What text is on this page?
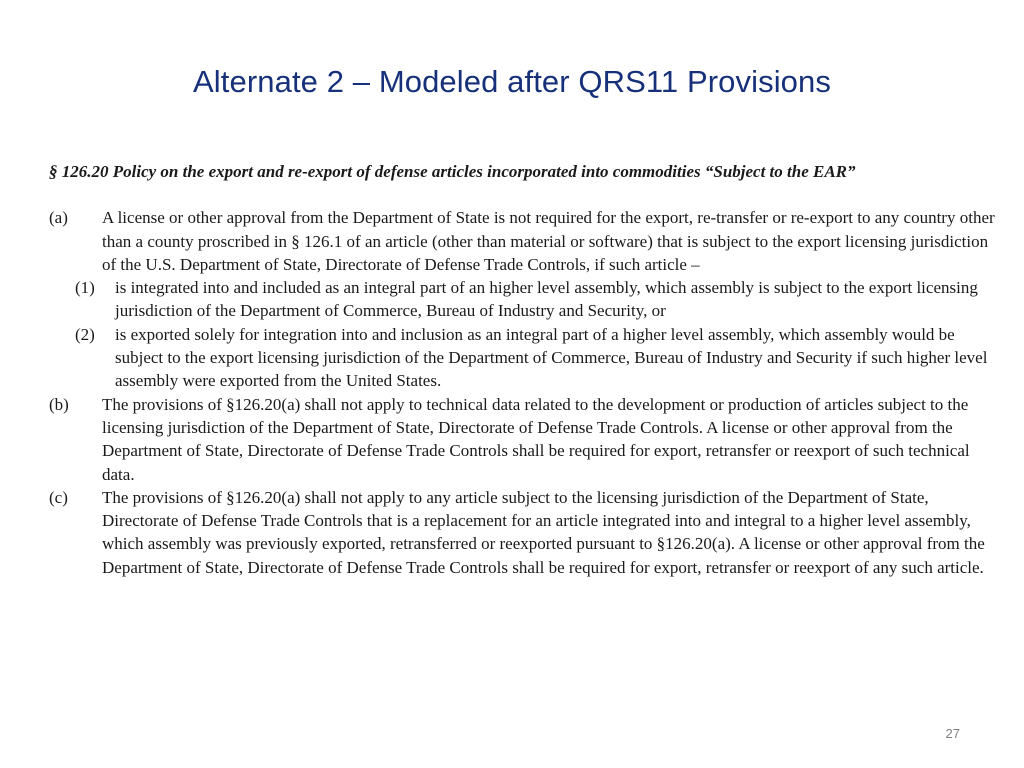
Alternate 2 – Modeled after QRS11 Provisions

§ 126.20 Policy on the export and re-export of defense articles incorporated into commodities “Subject to the EAR”

(a) A license or other approval from the Department of State is not required for the export, re-transfer or re-export to any country other than a county proscribed in § 126.1 of an article (other than material or software) that is subject to the export licensing jurisdiction of the U.S. Department of State, Directorate of Defense Trade Controls, if such article –
(1) is integrated into and included as an integral part of an higher level assembly, which assembly is subject to the export licensing jurisdiction of the Department of Commerce, Bureau of Industry and Security, or
(2) is exported solely for integration into and inclusion as an integral part of a higher level assembly, which assembly would be subject to the export licensing jurisdiction of the Department of Commerce, Bureau of Industry and Security if such higher level assembly were exported from the United States.
(b) The provisions of §126.20(a) shall not apply to technical data related to the development or production of articles subject to the licensing jurisdiction of the Department of State, Directorate of Defense Trade Controls. A license or other approval from the Department of State, Directorate of Defense Trade Controls shall be required for export, retransfer or reexport of such technical data.
(c) The provisions of §126.20(a) shall not apply to any article subject to the licensing jurisdiction of the Department of State, Directorate of Defense Trade Controls that is a replacement for an article integrated into and integral to a higher level assembly, which assembly was previously exported, retransferred or reexported pursuant to §126.20(a). A license or other approval from the Department of State, Directorate of Defense Trade Controls shall be required for export, retransfer or reexport of any such article.
27
